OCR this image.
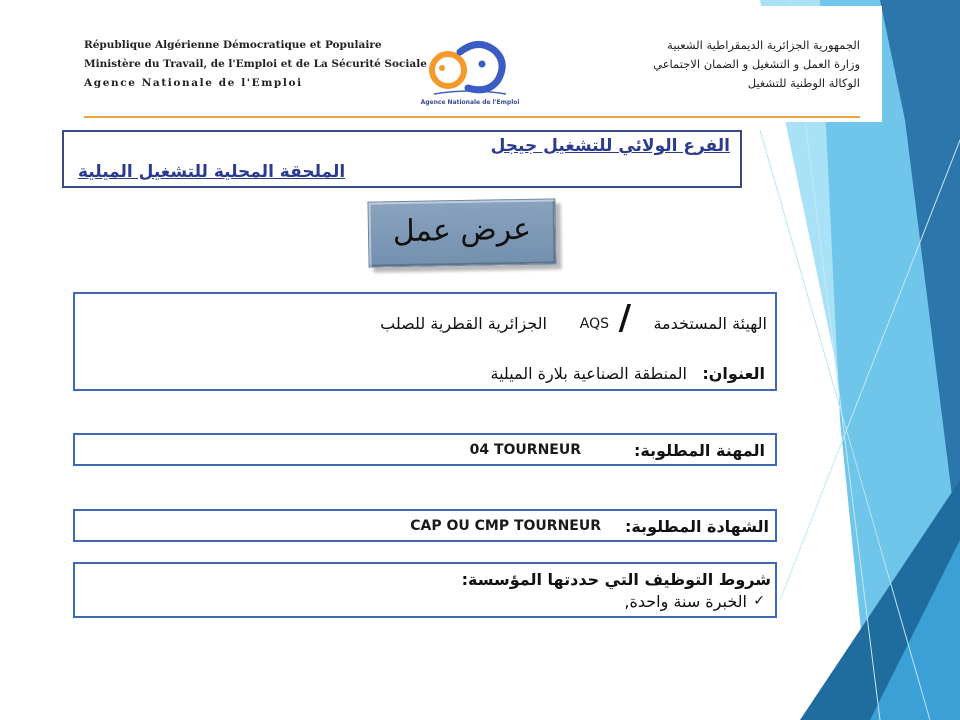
République Algérienne Démocratique et Populaire
Ministère du Travail, de l'Emploi et de La Sécurité Sociale
Agence Nationale de l'Emploi
Agence Nationale de l'Emploi
الجمهورية الجزائرية الديمقراطية الشعبية
وزارة العمل و التشغيل و الضمان الاجتماعي
الوكالة الوطنية للتشغيل
الفرع الولائي للتشغيل جيجل
الملحقة المحلية للتشغيل الميلية
عرض عمل
الهيئة المستخدمة
/
AQS
الجزائرية القطرية للصلب
العنوان:
المنطقة الصناعية بلارة الميلية
المهنة المطلوبة:
04 TOURNEUR
الشهادة المطلوبة:
CAP OU CMP TOURNEUR
شروط التوظيف التي حددتها المؤسسة:
✓
الخبرة سنة واحدة,
